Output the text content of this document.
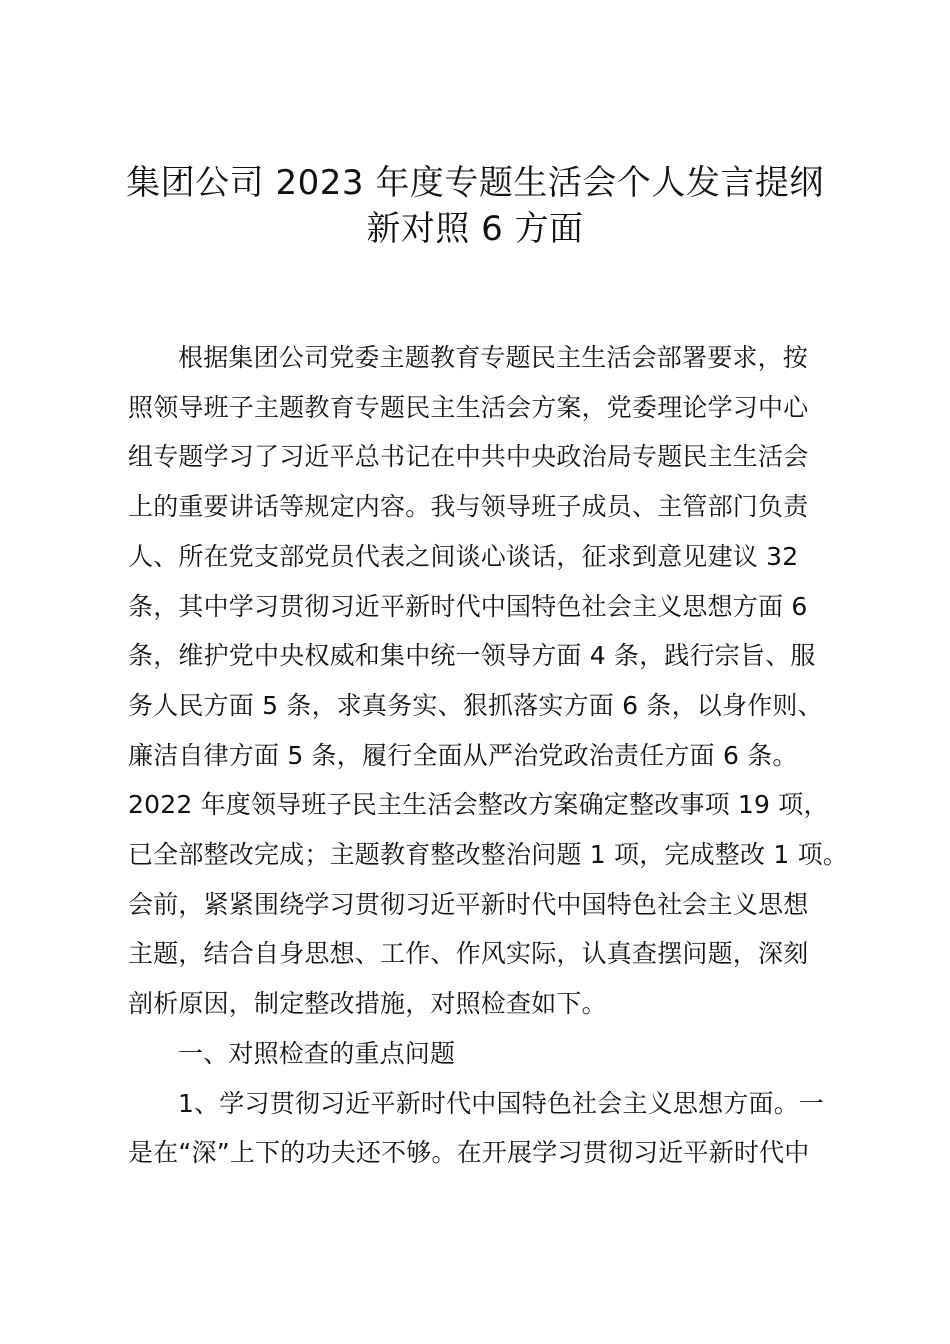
集团公司 2023 年度专题生活会个人发言提纲
新对照 6 方面
根据集团公司党委主题教育专题民主生活会部署要求，按
照领导班子主题教育专题民主生活会方案，党委理论学习中心
组专题学习了习近平总书记在中共中央政治局专题民主生活会
上的重要讲话等规定内容。我与领导班子成员、主管部门负责
人、所在党支部党员代表之间谈心谈话，征求到意见建议 32
条，其中学习贯彻习近平新时代中国特色社会主义思想方面 6
条，维护党中央权威和集中统一领导方面 4 条，践行宗旨、服
务人民方面 5 条，求真务实、狠抓落实方面 6 条，以身作则、
廉洁自律方面 5 条，履行全面从严治党政治责任方面 6 条。
2022 年度领导班子民主生活会整改方案确定整改事项 19 项，
已全部整改完成；主题教育整改整治问题 1 项，完成整改 1 项。
会前，紧紧围绕学习贯彻习近平新时代中国特色社会主义思想
主题，结合自身思想、工作、作风实际，认真查摆问题，深刻
剖析原因，制定整改措施，对照检查如下。
一、对照检查的重点问题
1、学习贯彻习近平新时代中国特色社会主义思想方面。一
是在“深”上下的功夫还不够。在开展学习贯彻习近平新时代中
